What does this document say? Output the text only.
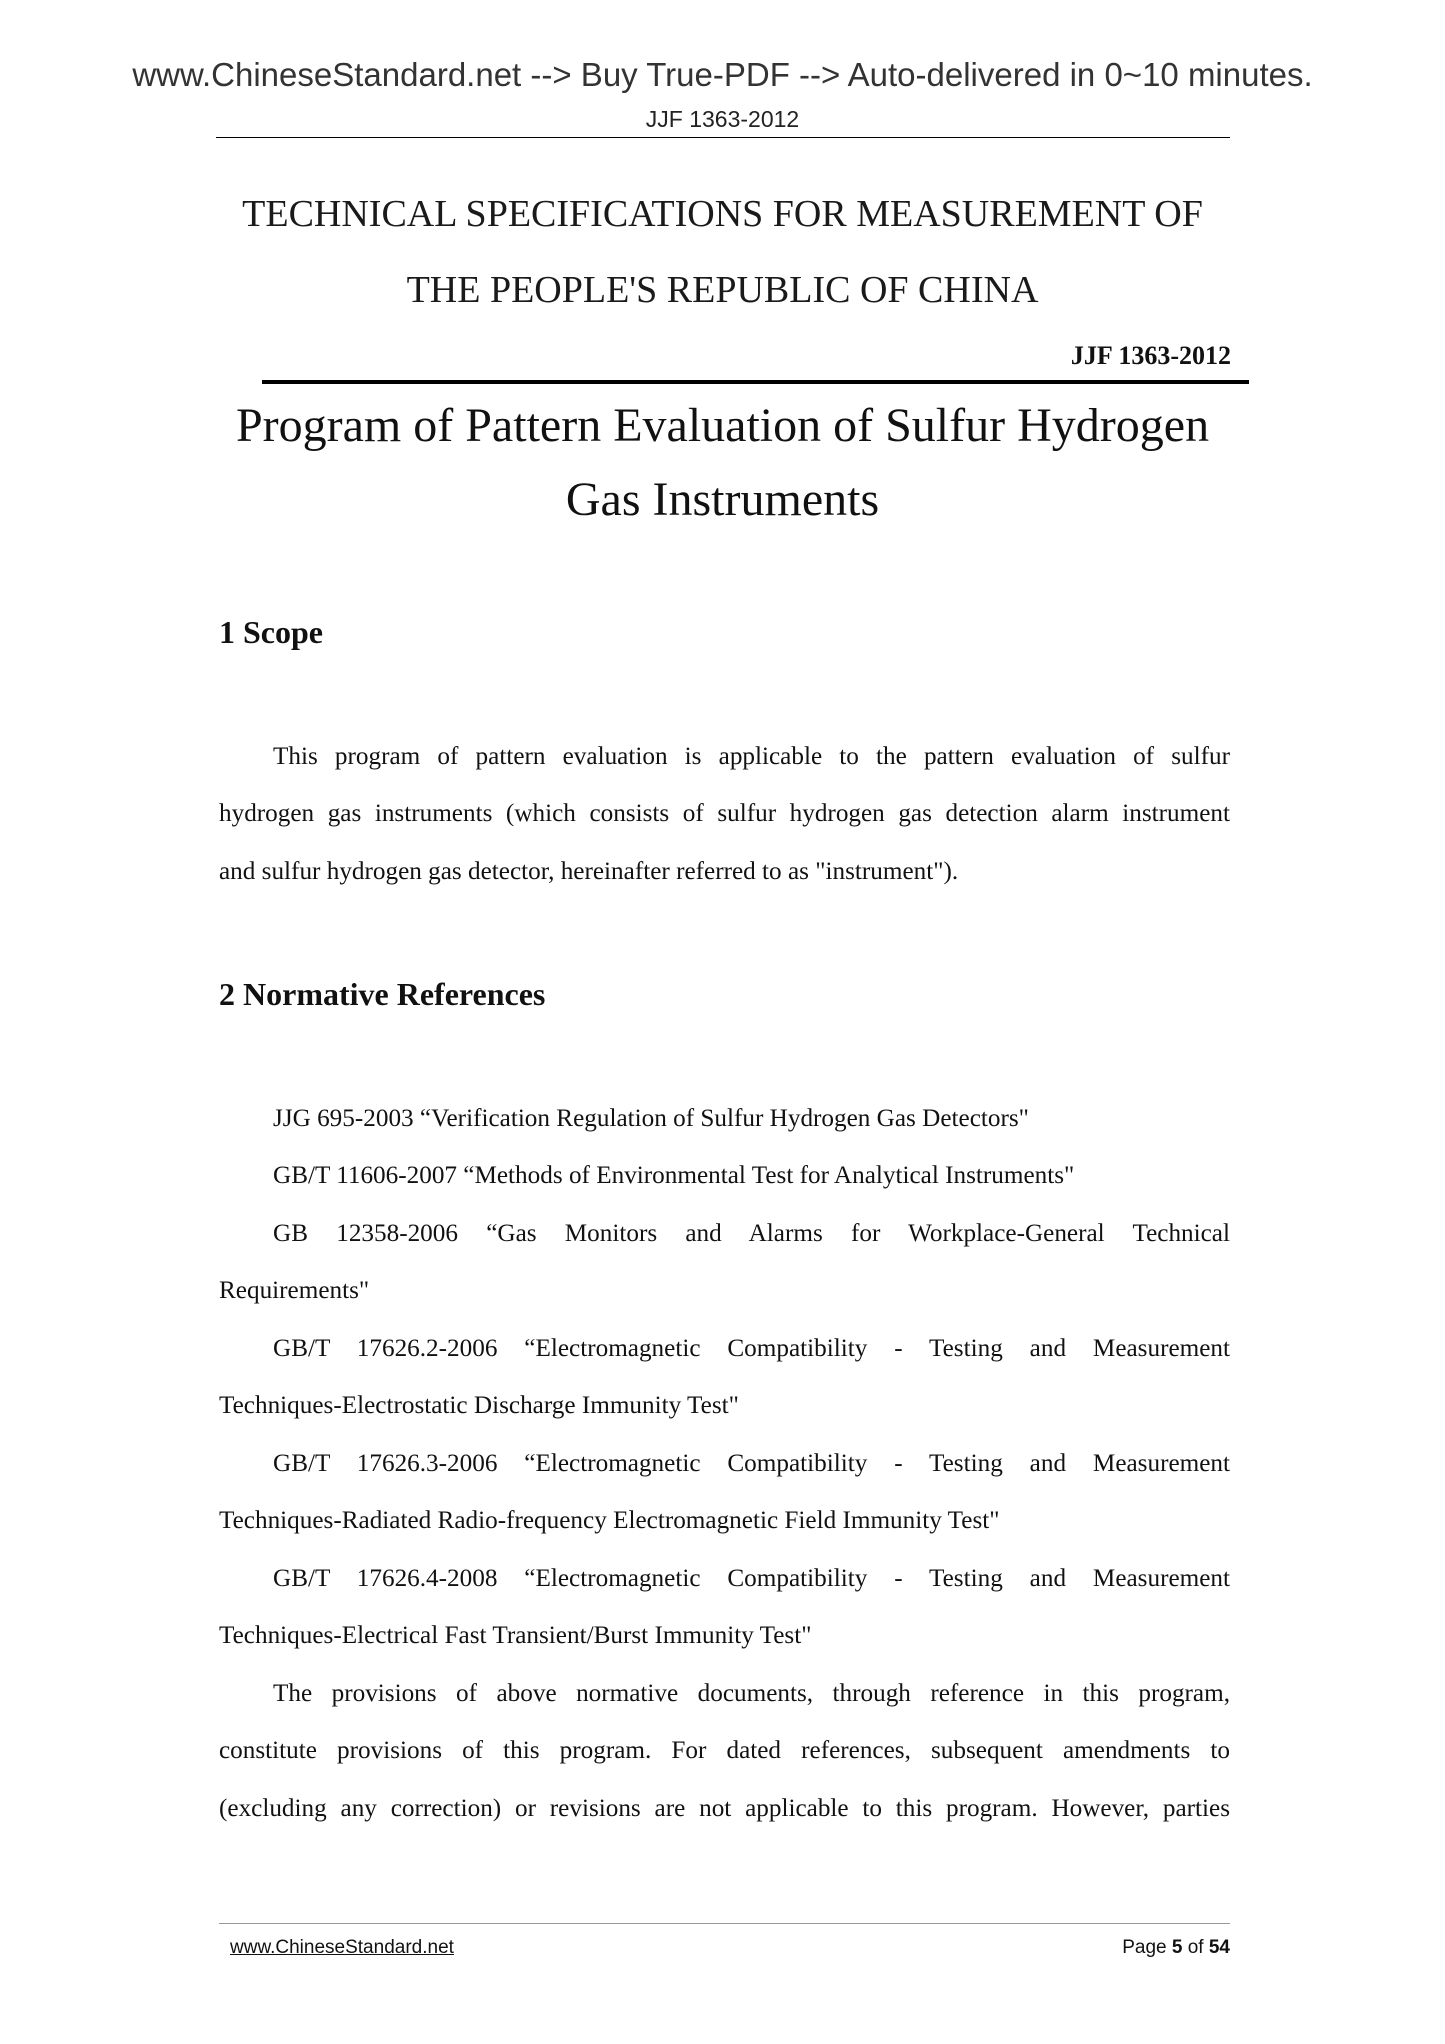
www.ChineseStandard.net --> Buy True-PDF --> Auto-delivered in 0~10 minutes.
JJF 1363-2012
TECHNICAL SPECIFICATIONS FOR MEASUREMENT OF
THE PEOPLE'S REPUBLIC OF CHINA
JJF 1363-2012
Program of Pattern Evaluation of Sulfur Hydrogen
Gas Instruments
1 Scope
This program of pattern evaluation is applicable to the pattern evaluation of sulfur
hydrogen gas instruments (which consists of sulfur hydrogen gas detection alarm instrument
and sulfur hydrogen gas detector, hereinafter referred to as "instrument").
2 Normative References
JJG 695-2003 “Verification Regulation of Sulfur Hydrogen Gas Detectors"
GB/T 11606-2007 “Methods of Environmental Test for Analytical Instruments"
GB 12358-2006 “Gas Monitors and Alarms for Workplace-General Technical
Requirements"
GB/T 17626.2-2006 “Electromagnetic Compatibility - Testing and Measurement
Techniques-Electrostatic Discharge Immunity Test"
GB/T 17626.3-2006 “Electromagnetic Compatibility - Testing and Measurement
Techniques-Radiated Radio-frequency Electromagnetic Field Immunity Test"
GB/T 17626.4-2008 “Electromagnetic Compatibility - Testing and Measurement
Techniques-Electrical Fast Transient/Burst Immunity Test"
The provisions of above normative documents, through reference in this program,
constitute provisions of this program. For dated references, subsequent amendments to
(excluding any correction) or revisions are not applicable to this program. However, parties
www.ChineseStandard.net	Page 5 of 54
